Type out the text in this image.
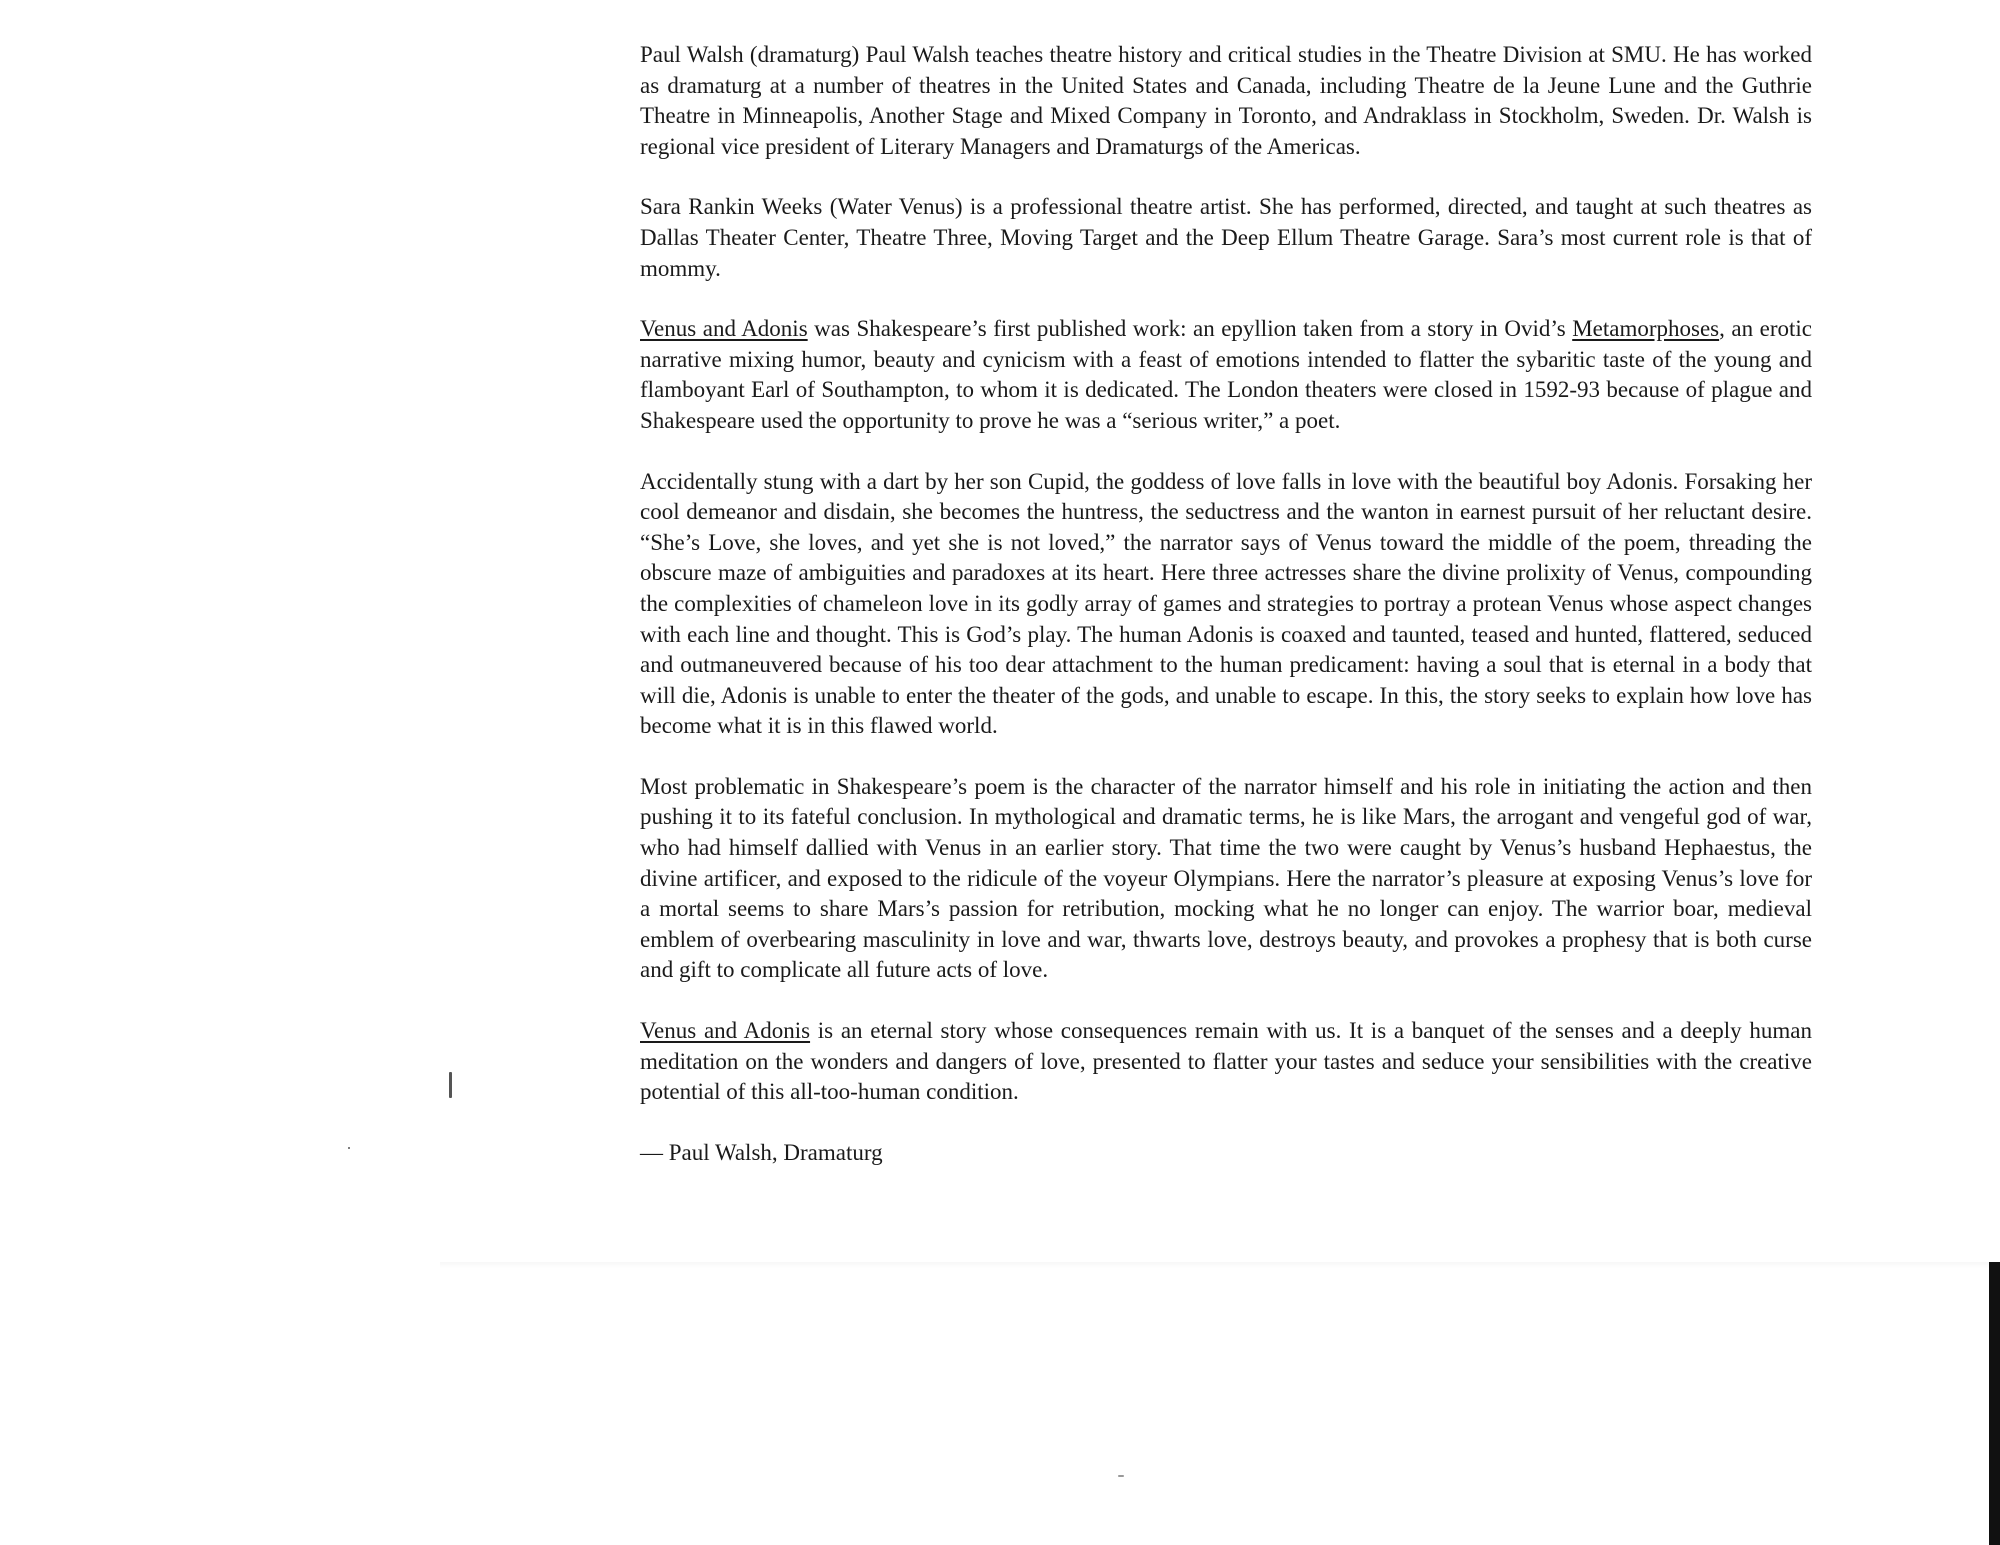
Paul Walsh (dramaturg) Paul Walsh teaches theatre history and critical studies in the Theatre Division at SMU. He has worked as dramaturg at a number of theatres in the United States and Canada, including Theatre de la Jeune Lune and the Guthrie Theatre in Minneapolis, Another Stage and Mixed Company in Toronto, and Andraklass in Stockholm, Sweden. Dr. Walsh is regional vice president of Literary Managers and Dramaturgs of the Americas.

Sara Rankin Weeks (Water Venus) is a professional theatre artist. She has performed, directed, and taught at such theatres as Dallas Theater Center, Theatre Three, Moving Target and the Deep Ellum Theatre Garage. Sara’s most current role is that of mommy.

Venus and Adonis was Shakespeare’s first published work: an epyllion taken from a story in Ovid’s Metamorphoses, an erotic narrative mixing humor, beauty and cynicism with a feast of emotions intended to flatter the sybaritic taste of the young and flamboyant Earl of Southampton, to whom it is dedicated. The London theaters were closed in 1592-93 because of plague and Shakespeare used the opportunity to prove he was a “serious writer,” a poet.

Accidentally stung with a dart by her son Cupid, the goddess of love falls in love with the beautiful boy Adonis. Forsaking her cool demeanor and disdain, she becomes the huntress, the seductress and the wanton in earnest pursuit of her reluctant desire. “She’s Love, she loves, and yet she is not loved,” the narrator says of Venus toward the middle of the poem, threading the obscure maze of ambiguities and paradoxes at its heart. Here three actresses share the divine prolixity of Venus, compounding the complexities of chameleon love in its godly array of games and strategies to portray a protean Venus whose aspect changes with each line and thought. This is God’s play. The human Adonis is coaxed and taunted, teased and hunted, flattered, seduced and outmaneuvered because of his too dear attachment to the human predicament: having a soul that is eternal in a body that will die, Adonis is unable to enter the theater of the gods, and unable to escape. In this, the story seeks to explain how love has become what it is in this flawed world.

Most problematic in Shakespeare’s poem is the character of the narrator himself and his role in initiating the action and then pushing it to its fateful conclusion. In mythological and dramatic terms, he is like Mars, the arrogant and vengeful god of war, who had himself dallied with Venus in an earlier story. That time the two were caught by Venus’s husband Hephaestus, the divine artificer, and exposed to the ridicule of the voyeur Olympians. Here the narrator’s pleasure at exposing Venus’s love for a mortal seems to share Mars’s passion for retribution, mocking what he no longer can enjoy. The warrior boar, medieval emblem of overbearing masculinity in love and war, thwarts love, destroys beauty, and provokes a prophesy that is both curse and gift to complicate all future acts of love.

Venus and Adonis is an eternal story whose consequences remain with us. It is a banquet of the senses and a deeply human meditation on the wonders and dangers of love, presented to flatter your tastes and seduce your sensibilities with the creative potential of this all-too-human condition.

— Paul Walsh, Dramaturg
